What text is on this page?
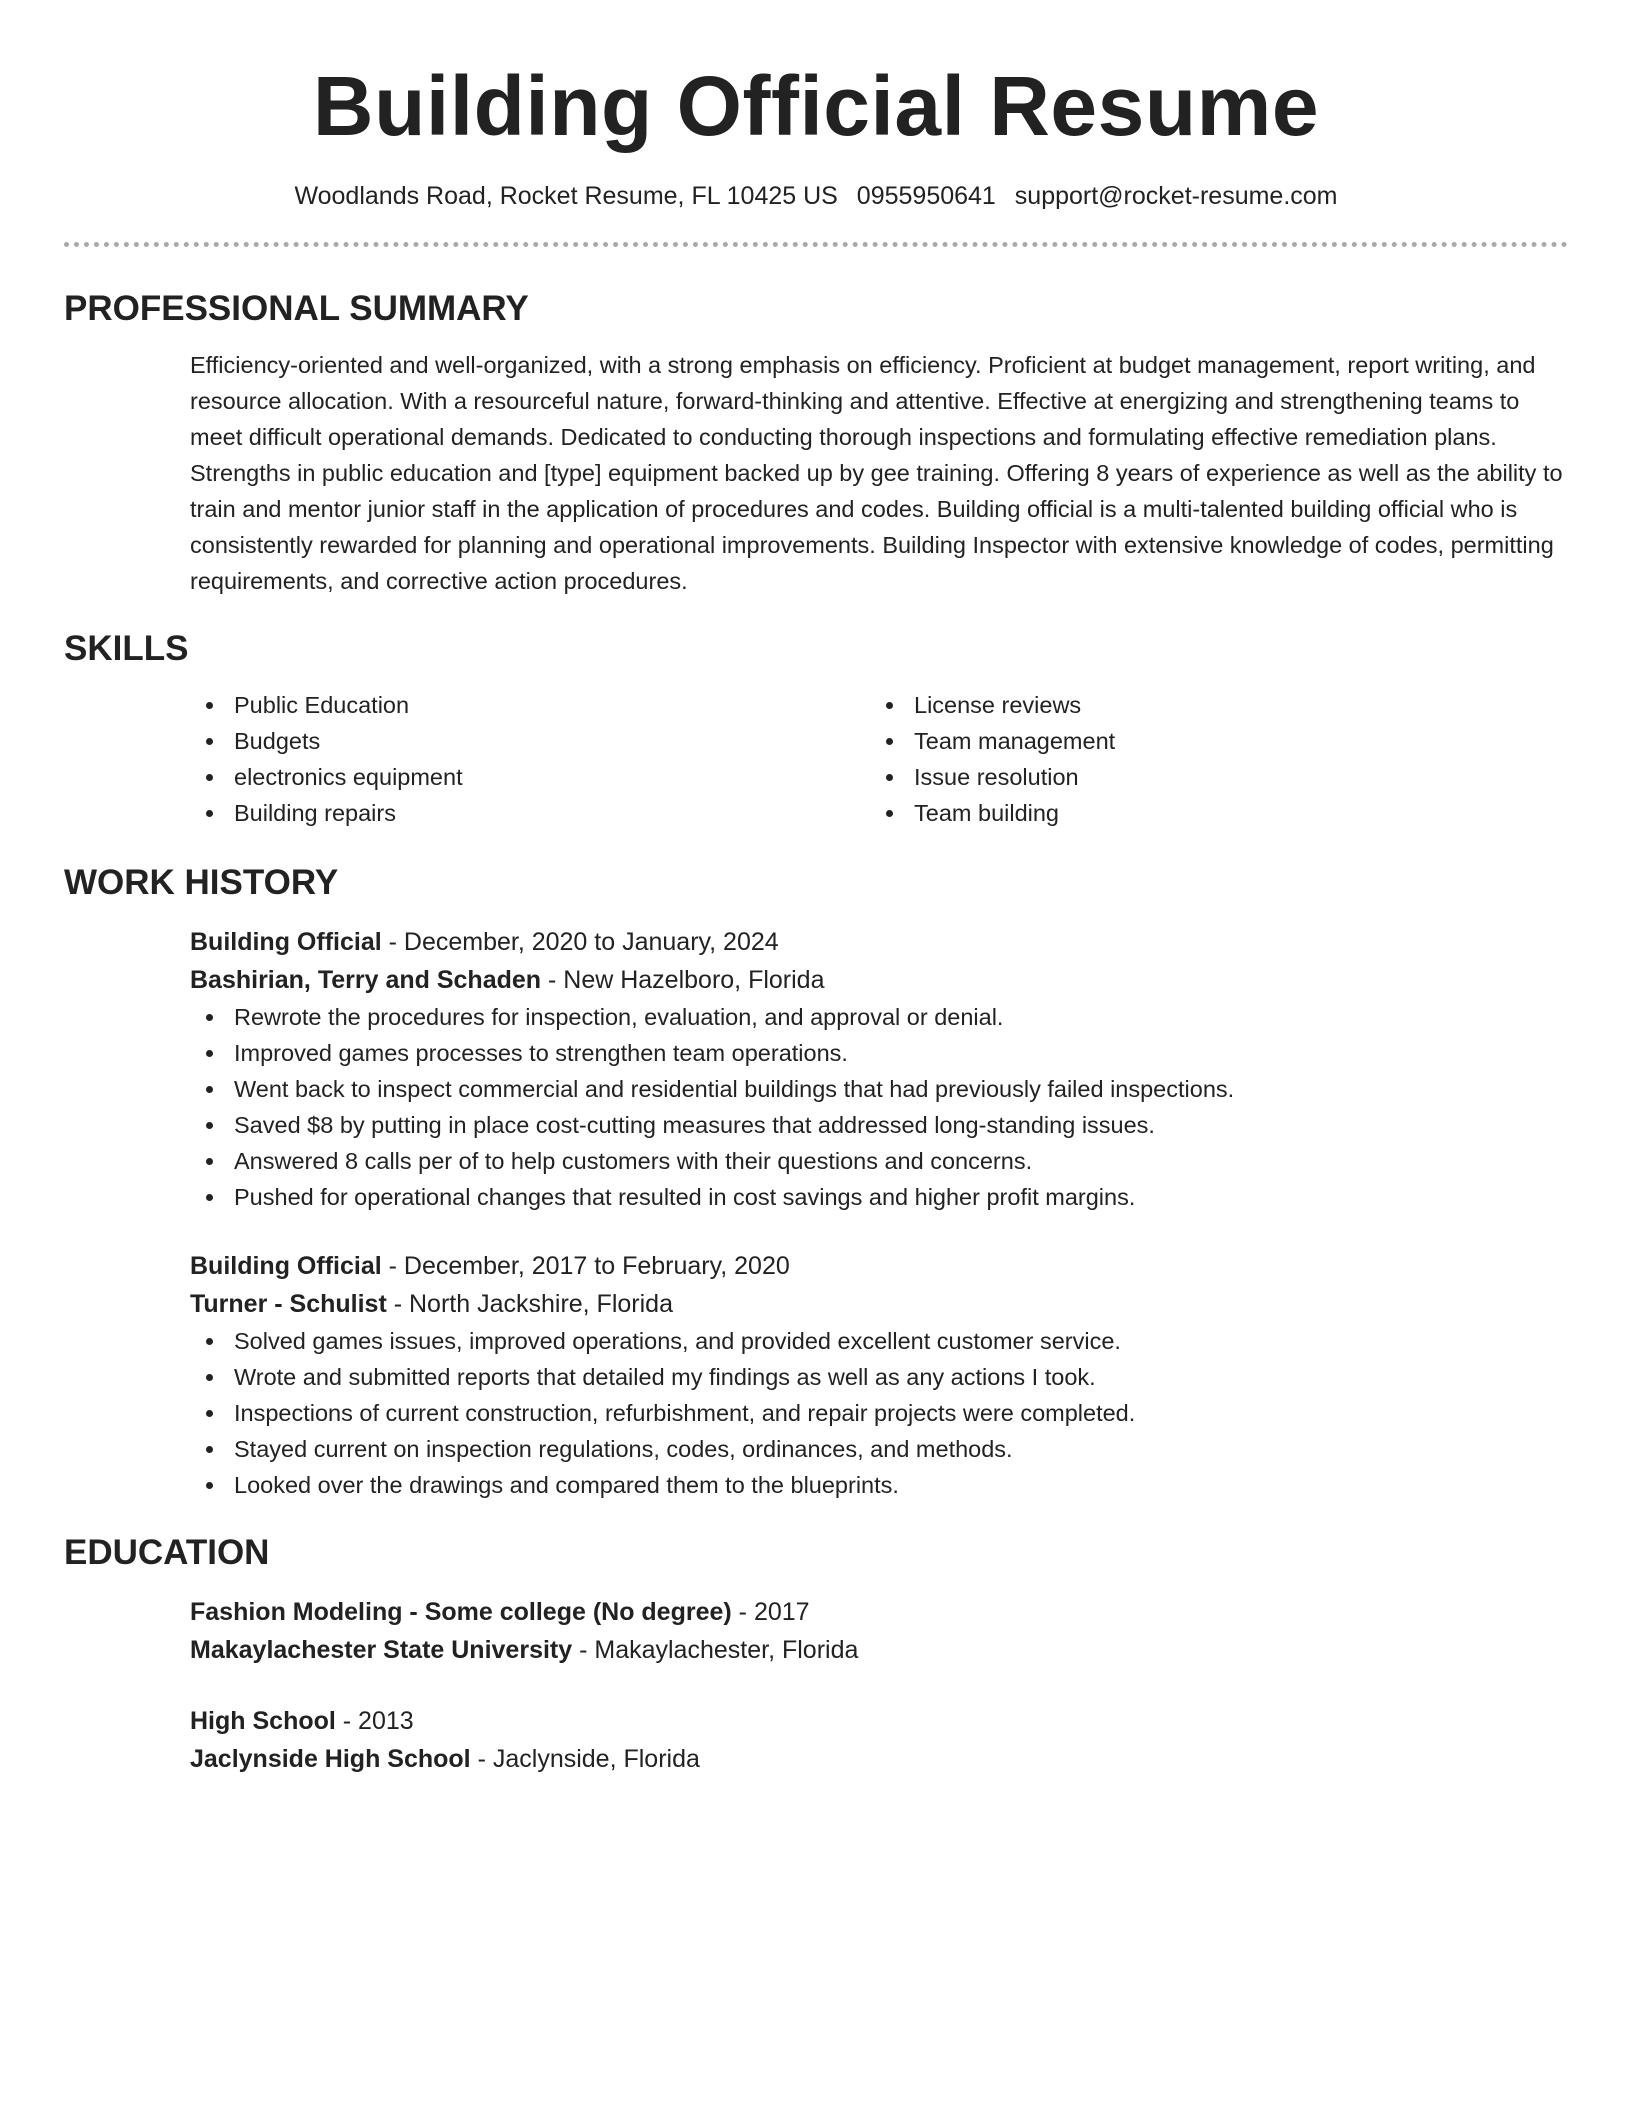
Building Official Resume
Woodlands Road, Rocket Resume, FL 10425 US 0955950641 support@rocket-resume.com
PROFESSIONAL SUMMARY

Efficiency-oriented and well-organized, with a strong emphasis on efficiency. Proficient at budget management, report writing, and resource allocation. With a resourceful nature, forward-thinking and attentive. Effective at energizing and strengthening teams to meet difficult operational demands. Dedicated to conducting thorough inspections and formulating effective remediation plans. Strengths in public education and [type] equipment backed up by gee training. Offering 8 years of experience as well as the ability to train and mentor junior staff in the application of procedures and codes. Building official is a multi-talented building official who is consistently rewarded for planning and operational improvements. Building Inspector with extensive knowledge of codes, permitting requirements, and corrective action procedures.

SKILLS
Public Education
Budgets
electronics equipment
Building repairs
License reviews
Team management
Issue resolution
Team building
WORK HISTORY
Building Official - December, 2020 to January, 2024
Bashirian, Terry and Schaden - New Hazelboro, Florida
Rewrote the procedures for inspection, evaluation, and approval or denial.
Improved games processes to strengthen team operations.
Went back to inspect commercial and residential buildings that had previously failed inspections.
Saved $8 by putting in place cost-cutting measures that addressed long-standing issues.
Answered 8 calls per of to help customers with their questions and concerns.
Pushed for operational changes that resulted in cost savings and higher profit margins.
Building Official - December, 2017 to February, 2020
Turner - Schulist - North Jackshire, Florida
Solved games issues, improved operations, and provided excellent customer service.
Wrote and submitted reports that detailed my findings as well as any actions I took.
Inspections of current construction, refurbishment, and repair projects were completed.
Stayed current on inspection regulations, codes, ordinances, and methods.
Looked over the drawings and compared them to the blueprints.
EDUCATION
Fashion Modeling - Some college (No degree) - 2017
Makaylachester State University - Makaylachester, Florida
High School - 2013
Jaclynside High School - Jaclynside, Florida
